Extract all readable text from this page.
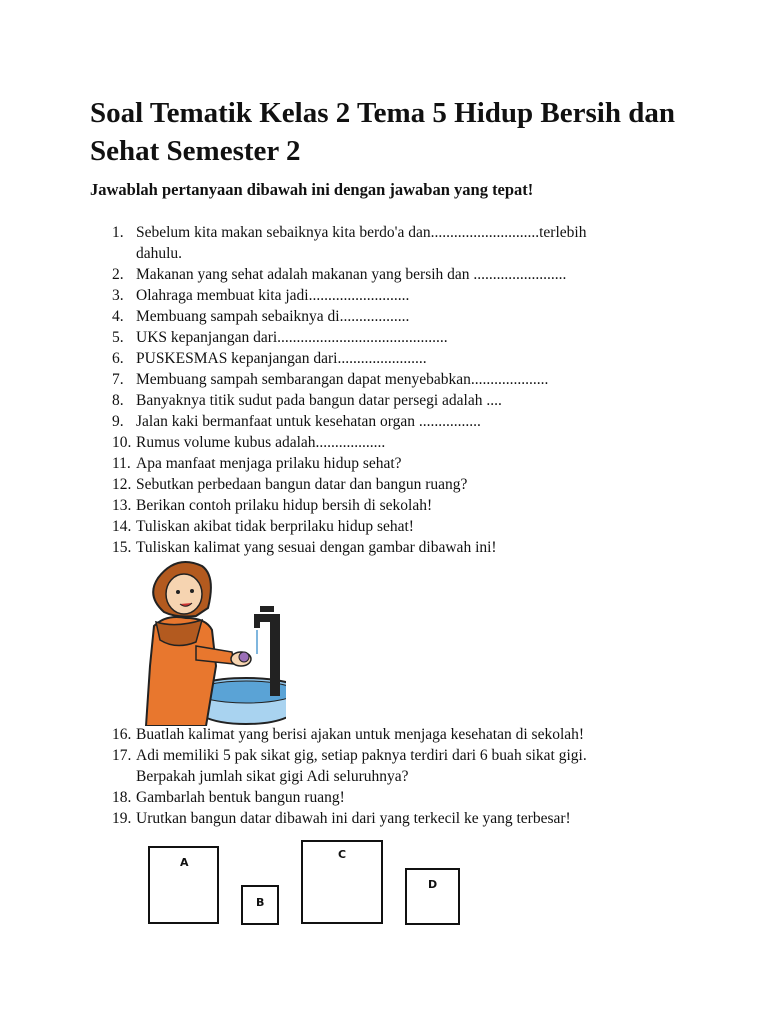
Soal Tematik Kelas 2 Tema 5 Hidup Bersih dan Sehat Semester 2

Jawablah pertanyaan dibawah ini dengan jawaban yang tepat!

1. Sebelum kita makan sebaiknya kita berdo'a dan............................terlebih
dahulu.
2. Makanan yang sehat adalah makanan yang bersih dan ........................
3. Olahraga membuat kita jadi..........................
4. Membuang sampah sebaiknya di..................
5. UKS kepanjangan dari............................................
6. PUSKESMAS kepanjangan dari.......................
7. Membuang sampah sembarangan dapat menyebabkan....................
8. Banyaknya titik sudut pada bangun datar persegi adalah ....
9. Jalan kaki bermanfaat untuk kesehatan organ ................
10. Rumus volume kubus adalah..................
11. Apa manfaat menjaga prilaku hidup sehat?
12. Sebutkan perbedaan bangun datar dan bangun ruang?
13. Berikan contoh prilaku hidup bersih di sekolah!
14. Tuliskan akibat tidak berprilaku hidup sehat!
15. Tuliskan kalimat yang sesuai dengan gambar dibawah ini!
16. Buatlah kalimat yang berisi ajakan untuk menjaga kesehatan di sekolah!
17. Adi memiliki 5 pak sikat gig, setiap paknya terdiri dari 6 buah sikat gigi.
Berpakah jumlah sikat gigi Adi seluruhnya?
18. Gambarlah bentuk bangun ruang!
19. Urutkan bangun datar dibawah ini dari yang terkecil ke yang terbesar!
A
B
C
D
